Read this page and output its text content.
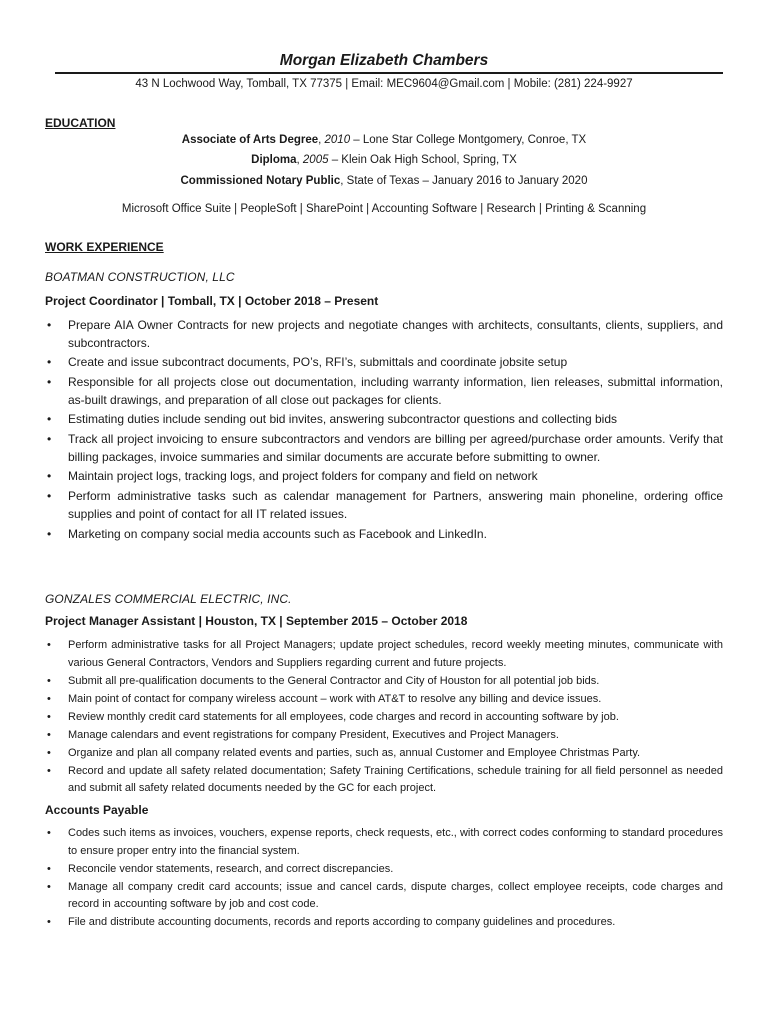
Morgan Elizabeth Chambers
43 N Lochwood Way, Tomball, TX 77375 | Email: MEC9604@Gmail.com | Mobile: (281) 224-9927
EDUCATION
Associate of Arts Degree, 2010 – Lone Star College Montgomery, Conroe, TX
Diploma, 2005 – Klein Oak High School, Spring, TX
Commissioned Notary Public, State of Texas – January 2016 to January 2020
Microsoft Office Suite | PeopleSoft | SharePoint | Accounting Software | Research | Printing & Scanning
WORK EXPERIENCE
BOATMAN CONSTRUCTION, LLC
Project Coordinator | Tomball, TX | October 2018 – Present
• Prepare AIA Owner Contracts for new projects and negotiate changes with architects, consultants, clients, suppliers, and subcontractors.
• Create and issue subcontract documents, PO’s, RFI’s, submittals and coordinate jobsite setup
• Responsible for all projects close out documentation, including warranty information, lien releases, submittal information, as-built drawings, and preparation of all close out packages for clients.
• Estimating duties include sending out bid invites, answering subcontractor questions and collecting bids
• Track all project invoicing to ensure subcontractors and vendors are billing per agreed/purchase order amounts. Verify that billing packages, invoice summaries and similar documents are accurate before submitting to owner.
• Maintain project logs, tracking logs, and project folders for company and field on network
• Perform administrative tasks such as calendar management for Partners, answering main phoneline, ordering office supplies and point of contact for all IT related issues.
• Marketing on company social media accounts such as Facebook and LinkedIn.
GONZALES COMMERCIAL ELECTRIC, INC.
Project Manager Assistant | Houston, TX | September 2015 – October 2018
• Perform administrative tasks for all Project Managers; update project schedules, record weekly meeting minutes, communicate with various General Contractors, Vendors and Suppliers regarding current and future projects.
• Submit all pre-qualification documents to the General Contractor and City of Houston for all potential job bids.
• Main point of contact for company wireless account – work with AT&T to resolve any billing and device issues.
• Review monthly credit card statements for all employees, code charges and record in accounting software by job.
• Manage calendars and event registrations for company President, Executives and Project Managers.
• Organize and plan all company related events and parties, such as, annual Customer and Employee Christmas Party.
• Record and update all safety related documentation; Safety Training Certifications, schedule training for all field personnel as needed and submit all safety related documents needed by the GC for each project.
Accounts Payable
• Codes such items as invoices, vouchers, expense reports, check requests, etc., with correct codes conforming to standard procedures to ensure proper entry into the financial system.
• Reconcile vendor statements, research, and correct discrepancies.
• Manage all company credit card accounts; issue and cancel cards, dispute charges, collect employee receipts, code charges and record in accounting software by job and cost code.
• File and distribute accounting documents, records and reports according to company guidelines and procedures.
